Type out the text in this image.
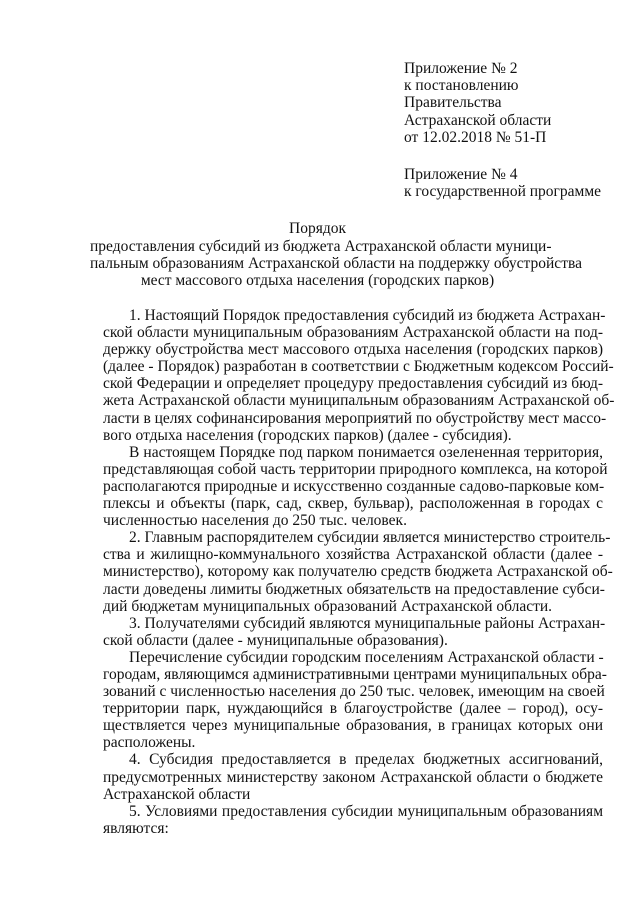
Приложение № 2
к постановлению
Правительства
Астраханской области
от 12.02.2018 № 51-П
Приложение № 4
к государственной программе
Порядок
предоставления субсидий из бюджета Астраханской области муници-
пальным образованиям Астраханской области на поддержку обустройства
мест массового отдыха населения (городских парков)
1. Настоящий Порядок предоставления субсидий из бюджета Астрахан-
ской области муниципальным образованиям Астраханской области на под-
держку обустройства мест массового отдыха населения (городских парков)
(далее - Порядок) разработан в соответствии с Бюджетным кодексом Россий-
ской Федерации и определяет процедуру предоставления субсидий из бюд-
жета Астраханской области муниципальным образованиям Астраханской об-
ласти в целях софинансирования мероприятий по обустройству мест массо-
вого отдыха населения (городских парков) (далее - субсидия).
В настоящем Порядке под парком понимается озелененная территория,
представляющая собой часть территории природного комплекса, на которой
располагаются природные и искусственно созданные садово-парковые ком-
плексы и объекты (парк, сад, сквер, бульвар), расположенная в городах с
численностью населения до 250 тыс. человек.
2. Главным распорядителем субсидии является министерство строитель-
ства и жилищно-коммунального хозяйства Астраханской области (далее -
министерство), которому как получателю средств бюджета Астраханской об-
ласти доведены лимиты бюджетных обязательств на предоставление субси-
дий бюджетам муниципальных образований Астраханской области.
3. Получателями субсидий являются муниципальные районы Астрахан-
ской области (далее - муниципальные образования).
Перечисление субсидии городским поселениям Астраханской области -
городам, являющимся административными центрами муниципальных обра-
зований с численностью населения до 250 тыс. человек, имеющим на своей
территории парк, нуждающийся в благоустройстве (далее – город), осу-
ществляется через муниципальные образования, в границах которых они
расположены.
4. Субсидия предоставляется в пределах бюджетных ассигнований,
предусмотренных министерству законом Астраханской области о бюджете
Астраханской области
5. Условиями предоставления субсидии муниципальным образованиям
являются:
